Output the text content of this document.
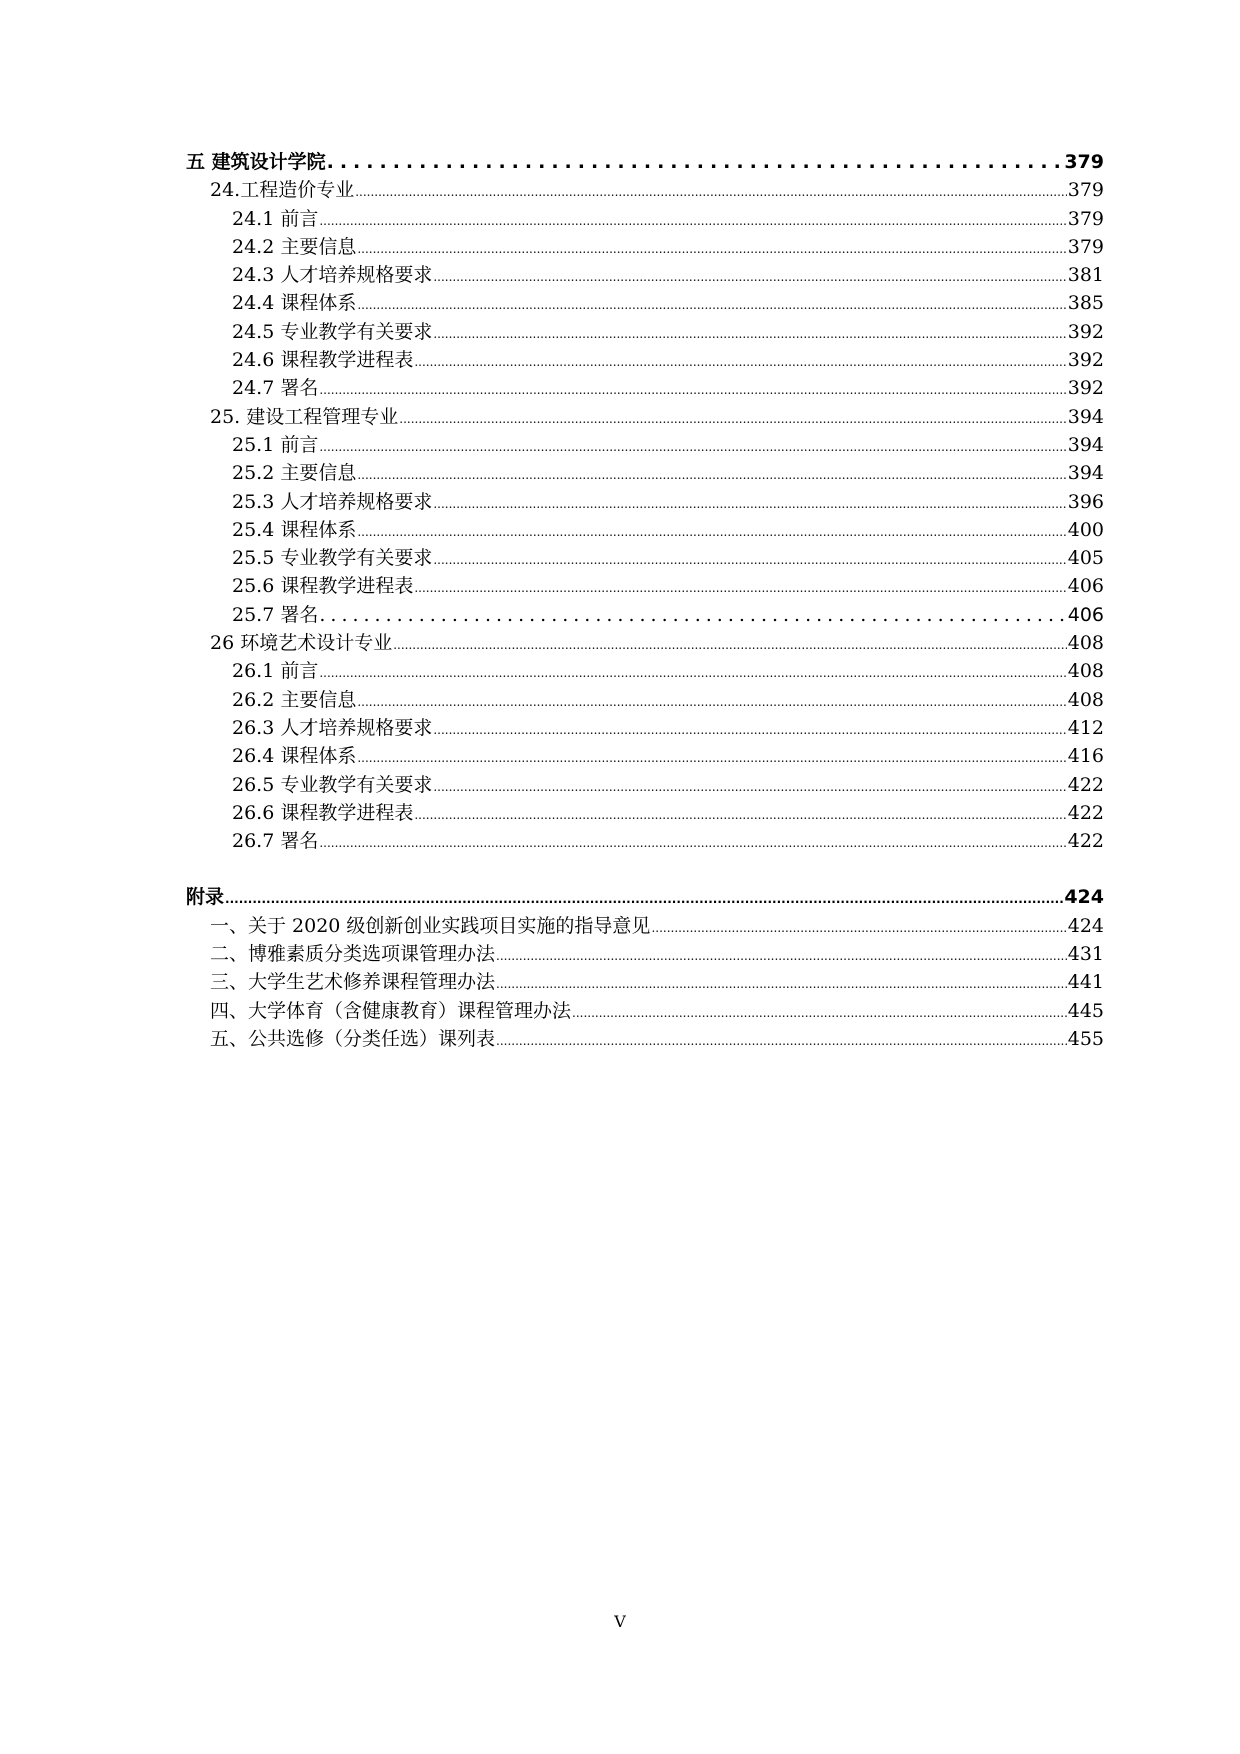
五 建筑设计学院 .....	379
24.工程造价专业 .....	379
24.1 前言 .....	379
24.2 主要信息 .....	379
24.3 人才培养规格要求 .....	381
24.4 课程体系 .....	385
24.5 专业教学有关要求 .....	392
24.6 课程教学进程表 .....	392
24.7 署名 .....	392
25. 建设工程管理专业 .....	394
25.1 前言 .....	394
25.2 主要信息 .....	394
25.3 人才培养规格要求 .....	396
25.4 课程体系 .....	400
25.5 专业教学有关要求 .....	405
25.6 课程教学进程表 .....	406
25.7 署名 .....	406
26 环境艺术设计专业 .....	408
26.1 前言 .....	408
26.2 主要信息 .....	408
26.3 人才培养规格要求 .....	412
26.4 课程体系 .....	416
26.5 专业教学有关要求 .....	422
26.6 课程教学进程表 .....	422
26.7 署名 .....	422
附录 .....	424
一、关于 2020 级创新创业实践项目实施的指导意见 .....	424
二、博雅素质分类选项课管理办法 .....	431
三、大学生艺术修养课程管理办法 .....	441
四、大学体育（含健康教育）课程管理办法 .....	445
五、公共选修（分类任选）课列表 .....	455
V
